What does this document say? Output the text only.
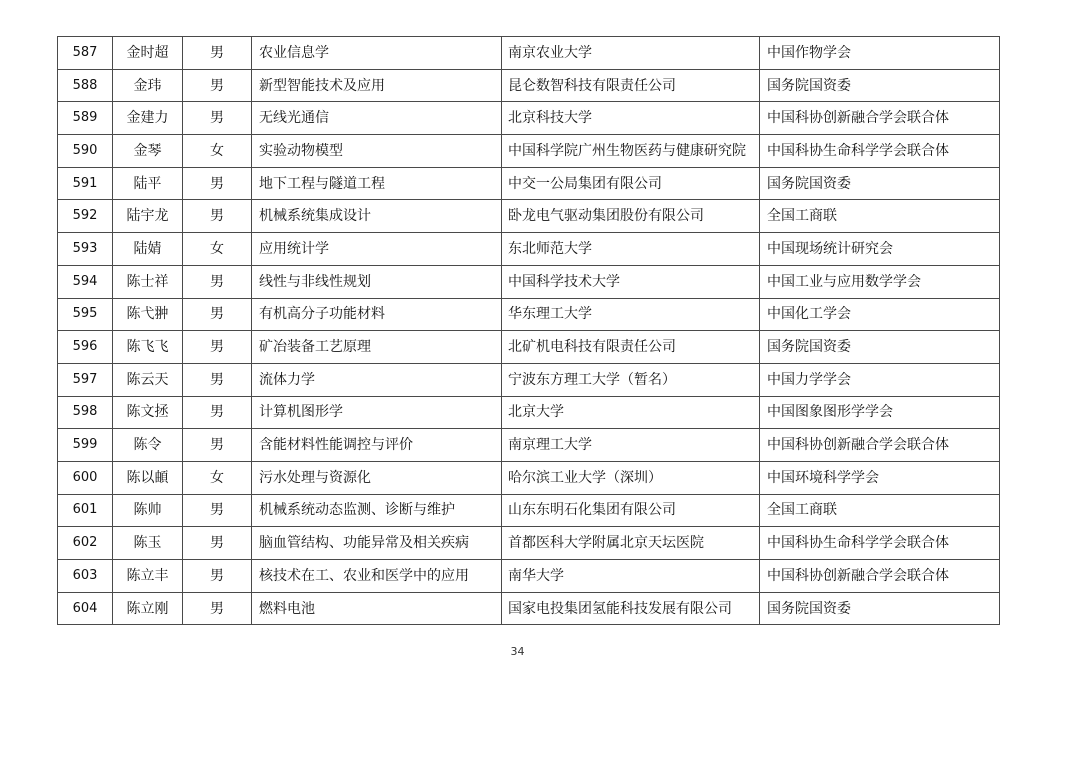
587	金时超	男	农业信息学	南京农业大学	中国作物学会
588	金玮	男	新型智能技术及应用	昆仑数智科技有限责任公司	国务院国资委
589	金建力	男	无线光通信	北京科技大学	中国科协创新融合学会联合体
590	金琴	女	实验动物模型	中国科学院广州生物医药与健康研究院	中国科协生命科学学会联合体
591	陆平	男	地下工程与隧道工程	中交一公局集团有限公司	国务院国资委
592	陆宇龙	男	机械系统集成设计	卧龙电气驱动集团股份有限公司	全国工商联
593	陆婧	女	应用统计学	东北师范大学	中国现场统计研究会
594	陈士祥	男	线性与非线性规划	中国科学技术大学	中国工业与应用数学学会
595	陈弋翀	男	有机高分子功能材料	华东理工大学	中国化工学会
596	陈飞飞	男	矿冶装备工艺原理	北矿机电科技有限责任公司	国务院国资委
597	陈云天	男	流体力学	宁波东方理工大学（暂名）	中国力学学会
598	陈文拯	男	计算机图形学	北京大学	中国图象图形学学会
599	陈令	男	含能材料性能调控与评价	南京理工大学	中国科协创新融合学会联合体
600	陈以頔	女	污水处理与资源化	哈尔滨工业大学（深圳）	中国环境科学学会
601	陈帅	男	机械系统动态监测、诊断与维护	山东东明石化集团有限公司	全国工商联
602	陈玉	男	脑血管结构、功能异常及相关疾病	首都医科大学附属北京天坛医院	中国科协生命科学学会联合体
603	陈立丰	男	核技术在工、农业和医学中的应用	南华大学	中国科协创新融合学会联合体
604	陈立刚	男	燃料电池	国家电投集团氢能科技发展有限公司	国务院国资委
34
